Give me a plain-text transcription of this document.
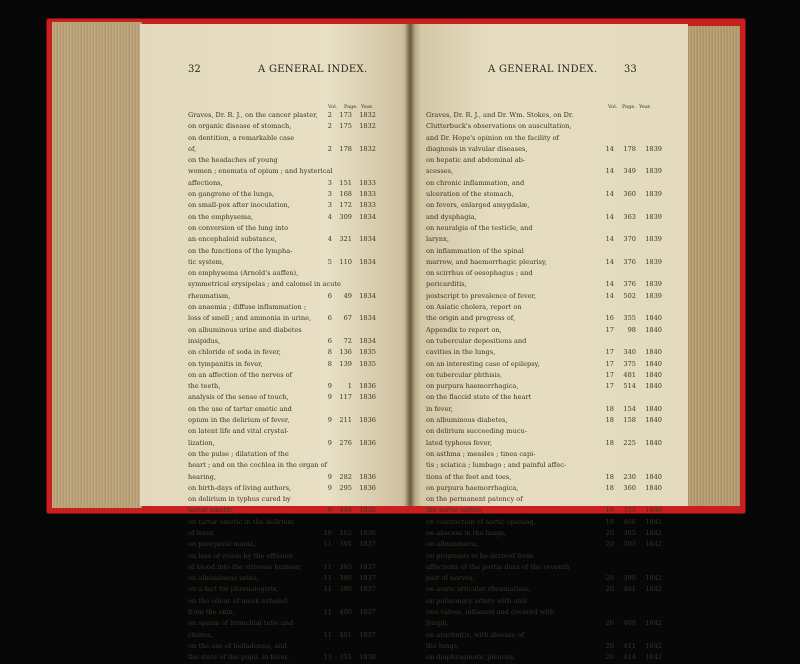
32	A GENERAL INDEX.
Vol. Page. Year.
Graves, Dr. R. J., on the cancer plaster,	2	173	1832
on organic disease of stomach,	2	175	1832
on dentition, a remarkable case
of,	2	178	1832
on the headaches of young
women ; enemata of opium ; and hysterical
affections,	3	151	1833
on gangrene of the lungs,	3	168	1833
on small-pox after inoculation,	3	172	1833
on the emphysema,	4	309	1834
on conversion of the lung into
an encephaloid substance,	4	321	1834
on the functions of the lympha-
tic system,	5	110	1834
on emphysema (Arnold's auffen),
symmetrical erysipelas ; and calomel in acute
rheumatism,	6	49	1834
on anaemia ; diffuse inflammation ;
loss of smell ; and ammonia in urine,	6	67	1834
on albuminous urine and diabetes
insipidus,	6	72	1834
on chloride of soda in fever,	8	136	1835
on tympanitis in fever,	8	139	1835
on an affection of the nerves of
the teeth,	9	1	1836
analysis of the sense of touch,	9	117	1836
on the use of tartar emetic and
opium in the delirium of fever,	9	211	1836
on latent life and vital crystal-
lization,	9	276	1836
on the pulse ; dilatation of the
heart ; and on the cochlea in the organ of
hearing,	9	282	1836
on birth-days of living authors,	9	295	1836
on delirium in typhus cured by
tartar emetic,	9	449	1836
on tartar emetic in the delirium
of fever,	10	162	1836
on puerperal mania,	11	391	1837
on loss of vision by the effusion
of blood into the vitreous humour,	11	393	1837
on albuminous urine,	11	396	1837
on a fact for phrenologists,	11	396	1837
on the odour of musk exhaled
from the skin,	11	400	1837
on spasm of bronchial tube and
chorea,	11	401	1837
on the use of belladonna, and
the state of the pupil, in fever,	13	351	1838
A GENERAL INDEX.	33
Vol. Page. Year.
Graves, Dr. R. J., and Dr. Wm. Stokes, on Dr.
Clutterbuck's observations on auscultation,
and Dr. Hope's opinion on the facility of
diagnosis in valvular diseases,	14	178	1839
on hepatic and abdominal ab-
scesses,	14	349	1839
on chronic inflammation, and
ulceration of the stomach,	14	360	1839
on fevers, enlarged amygdalæ,
and dysphagia,	14	363	1839
on neuralgia of the testicle, and
larynx,	14	370	1839
on inflammation of the spinal
marrow, and haemorrhagic pleurisy,	14	376	1839
on scirrhus of oesophagus ; and
pericarditis,	14	376	1839
postscript to prevalence of fever,	14	502	1839
on Asiatic cholera, report on
the origin and progress of,	16	355	1840
Appendix to report on,	17	98	1840
on tubercular depositions and
cavities in the lungs,	17	340	1840
on an interesting case of epilepsy,	17	375	1840
on tubercular phthisis,	17	481	1840
on purpura haemorrhagica,	17	514	1840
on the flaccid state of the heart
in fever,	18	154	1840
on albuminous diabetes,	18	158	1840
on delirium succeeding mucu-
lated typhous fever,	18	225	1840
on asthma ; measles ; tinea capi-
tis ; sciatica ; lumbago ; and painful affec-
tions of the feet and toes,	18	230	1840
on purpura haemorrhagica,	18	360	1840
on the permanent patency of
the aortic valves,	18	353	1840
on contraction of aortic opening,	19	466	1841
on abscess in the lungs,	20	365	1842
on albuminuria,	20	393	1842
on prognosis to be derived from
affections of the portia dura of the seventh
pair of nerves,	20	399	1842
on acute articular rheumatism,	20	401	1842
on pulmonary artery with only
two valves, inflamed and covered with
lymph,	20	409	1842
on arachnitis, with disease of
the lungs,	20	411	1842
on diaphragmatic pleurisy,	20	414	1842
